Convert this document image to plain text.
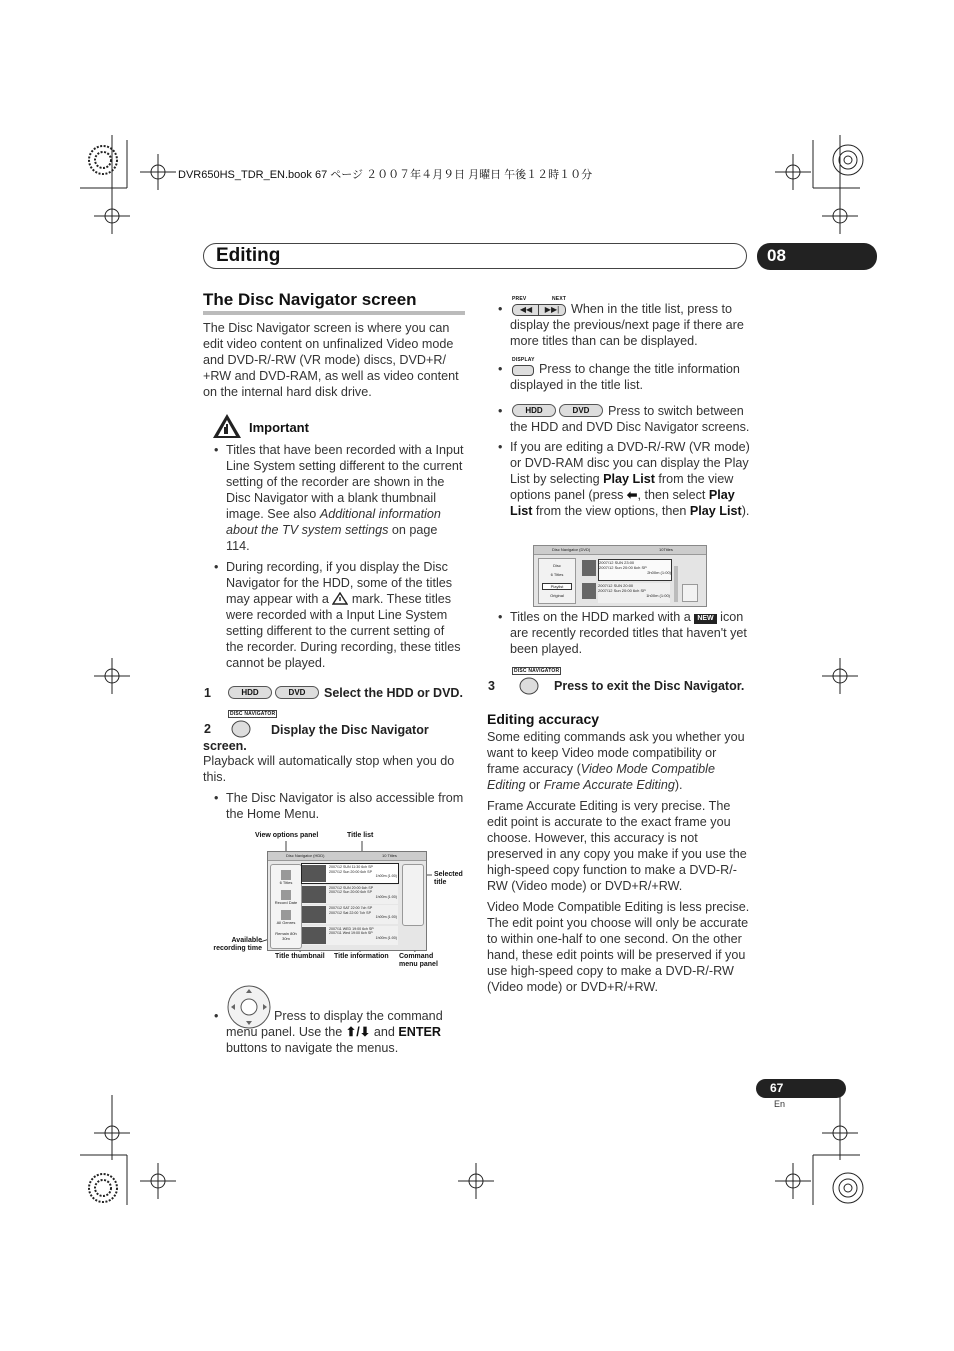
DVR650HS_TDR_EN.book 67 ページ ２００７年４月９日 月曜日 午後１２時１０分
Editing	08
The Disc Navigator screen

The Disc Navigator screen is where you can edit video content on unfinalized Video mode and DVD-R/-RW (VR mode) discs, DVD+R/ +RW and DVD-RAM, as well as video content on the internal hard disk drive.

Important
• Titles that have been recorded with a Input Line System setting different to the current setting of the recorder are shown in the Disc Navigator with a blank thumbnail image. See also Additional information about the TV system settings on page 114.
• During recording, if you display the Disc Navigator for the HDD, some of the titles may appear with a  mark. These titles were recorded with a Input Line System setting different to the current setting of the recorder. During recording, these titles cannot be played.
1	HDD	DVD	Select the HDD or DVD.
DISC NAVIGATOR
2	Display the Disc Navigator screen.

Playback will automatically stop when you do this.

• The Disc Navigator is also accessible from the Home Menu.
View options panel	Title list
Selected title
Available recording time
Title thumbnail Title information Command menu panel
Disc Navigator (HDD)	10 Titles
6 Titles
Record Date
All Genres
Remain 80h 30m
2007/12 SUN 11:30 6ch SP
2007/12 Sun 20:00 6ch SP
1h00m (1:00)
2007/12 SUN 20:00 6ch SP
2007/12 Sun 20:00 6ch SP
1h00m (1:00)
2007/12 SAT 22:00 7ch SP
2007/12 Sat 22:00 7ch SP
1h00m (1:00)
2007/11 WED 19:00 6ch SP
2007/11 Wed 19:00 6ch SP
1h00m (1:00)
•	Press to display the command menu panel. Use the ⬆/⬇ and ENTER buttons to navigate the menus.
PREV	NEXT
•	◀◀	▶▶| When in the title list, press to display the previous/next page if there are more titles than can be displayed.
DISPLAY
•	Press to change the title information displayed in the title list.
•	HDD	DVD	Press to switch between the HDD and DVD Disc Navigator screens.
• If you are editing a DVD-R/-RW (VR mode) or DVD-RAM disc you can display the Play List by selecting Play List from the view options panel (press ⬅, then select Play List from the view options, then Play List).
Disc Navigator (DVD)	10Titles
Disc
6 Titles
Playlist
Original
2007/12 SUN 23:00
2007/12 Sun 20:00 6ch SP
2h00m (1:00)
2007/12 SUN 20:00
2007/12 Sun 20:00 6ch SP
1h00m (1:00)
• Titles on the HDD marked with a NEW icon are recently recorded titles that haven't yet been played.
DISC NAVIGATOR
3	Press to exit the Disc Navigator.
Editing accuracy

Some editing commands ask you whether you want to keep Video mode compatibility or frame accuracy (Video Mode Compatible Editing or Frame Accurate Editing).

Frame Accurate Editing is very precise. The edit point is accurate to the exact frame you choose. However, this accuracy is not preserved in any copy you make if you use the high-speed copy function to make a DVD-R/-RW (Video mode) or DVD+R/+RW.

Video Mode Compatible Editing is less precise. The edit point you choose will only be accurate to within one-half to one second. On the other hand, these edit points will be preserved if you use high-speed copy to make a DVD-R/-RW (Video mode) or DVD+R/+RW.

67
En
